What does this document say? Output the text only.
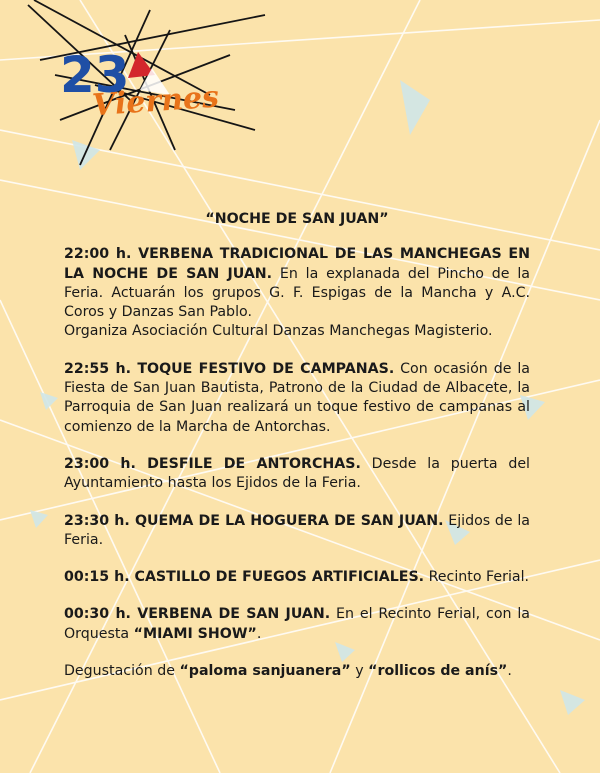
23
Viernes
“NOCHE DE SAN JUAN”

22:00 h. VERBENA TRADICIONAL DE LAS MANCHEGAS EN LA NOCHE DE SAN JUAN. En la explanada del Pincho de la Feria. Actuarán los grupos G. F. Espigas de la Mancha y A.C. Coros y Danzas San Pablo.
Organiza Asociación Cultural Danzas Manchegas Magisterio.

22:55 h. TOQUE FESTIVO DE CAMPANAS. Con ocasión de la Fiesta de San Juan Bautista, Patrono de la Ciudad de Albacete, la Parroquia de San Juan realizará un toque festivo de campanas al comienzo de la Marcha de Antorchas.

23:00 h. DESFILE DE ANTORCHAS. Desde la puerta del Ayuntamiento hasta los Ejidos de la Feria.

23:30 h. QUEMA DE LA HOGUERA DE SAN JUAN. Ejidos de la Feria.

00:15 h. CASTILLO DE FUEGOS ARTIFICIALES. Recinto Ferial.

00:30 h. VERBENA DE SAN JUAN. En el Recinto Ferial, con la Orquesta “MIAMI SHOW”.

Degustación de “paloma sanjuanera” y “rollicos de anís”.
